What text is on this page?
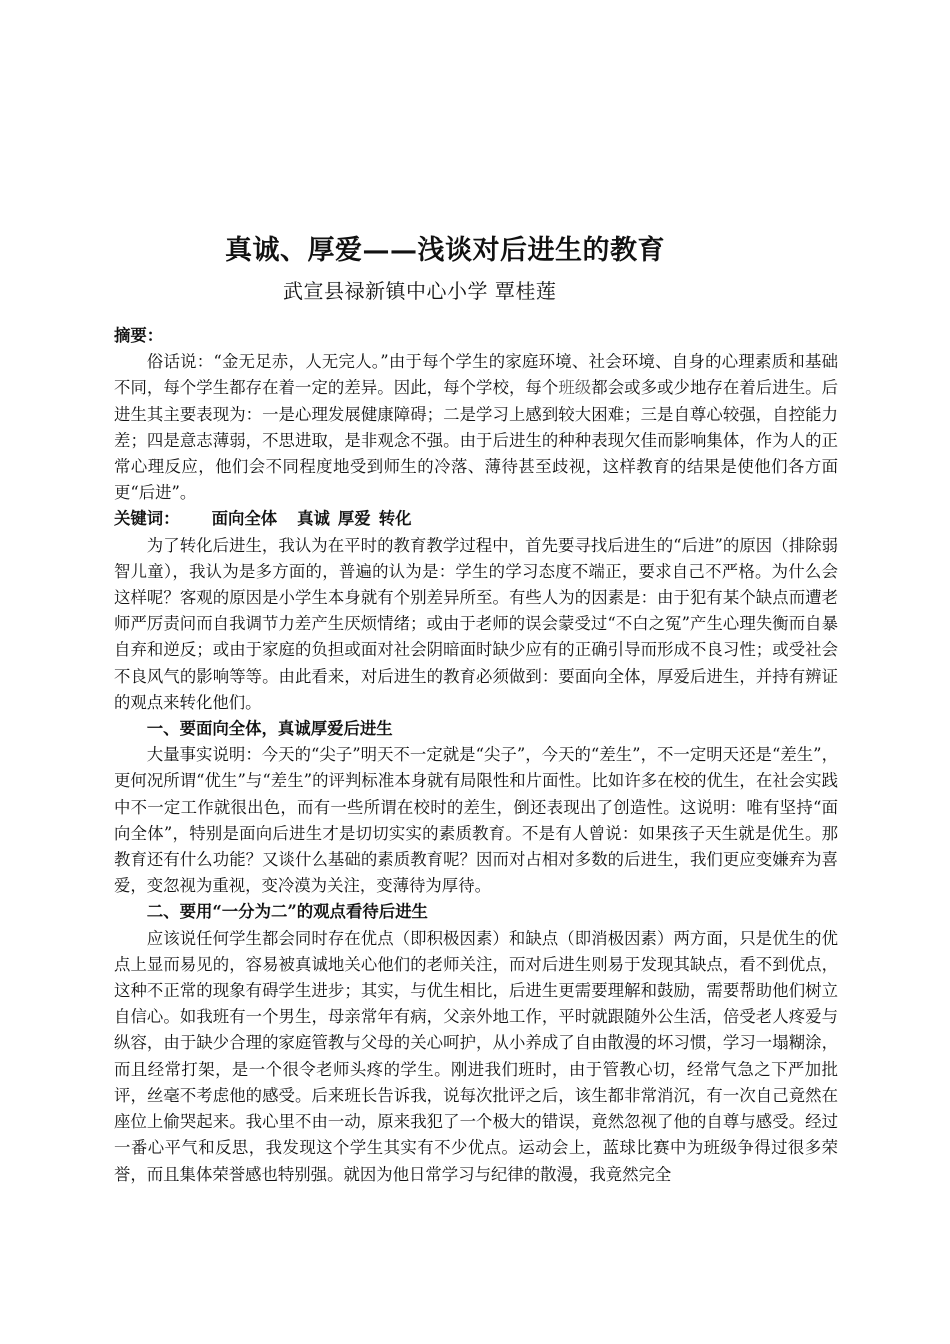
真诚、厚爱——浅谈对后进生的教育
武宣县禄新镇中心小学 覃桂莲

摘要：

俗话说：“金无足赤，人无完人。”由于每个学生的家庭环境、社会环境、自身的心理素质和基础不同，每个学生都存在着一定的差异。因此，每个学校，每个班级都会或多或少地存在着后进生。后进生其主要表现为：一是心理发展健康障碍；二是学习上感到较大困难；三是自尊心较强，自控能力差；四是意志薄弱，不思进取，是非观念不强。由于后进生的种种表现欠佳而影响集体，作为人的正常心理反应，他们会不同程度地受到师生的冷落、薄待甚至歧视，这样教育的结果是使他们各方面更“后进”。

关键词： 面向全体 真诚 厚爱 转化

为了转化后进生，我认为在平时的教育教学过程中，首先要寻找后进生的“后进”的原因（排除弱智儿童），我认为是多方面的，普遍的认为是：学生的学习态度不端正，要求自己不严格。为什么会这样呢？客观的原因是小学生本身就有个别差异所至。有些人为的因素是：由于犯有某个缺点而遭老师严厉责问而自我调节力差产生厌烦情绪；或由于老师的误会蒙受过“不白之冤”产生心理失衡而自暴自弃和逆反；或由于家庭的负担或面对社会阴暗面时缺少应有的正确引导而形成不良习性；或受社会不良风气的影响等等。由此看来，对后进生的教育必须做到：要面向全体，厚爱后进生，并持有辨证的观点来转化他们。

一、要面向全体，真诚厚爱后进生

大量事实说明：今天的“尖子”明天不一定就是“尖子”，今天的“差生”，不一定明天还是“差生”，更何况所谓“优生”与“差生”的评判标准本身就有局限性和片面性。比如许多在校的优生，在社会实践中不一定工作就很出色，而有一些所谓在校时的差生，倒还表现出了创造性。这说明：唯有坚持“面向全体”，特别是面向后进生才是切切实实的素质教育。不是有人曾说：如果孩子天生就是优生。那教育还有什么功能？又谈什么基础的素质教育呢？因而对占相对多数的后进生，我们更应变嫌弃为喜爱，变忽视为重视，变冷漠为关注，变薄待为厚待。

二、要用“一分为二”的观点看待后进生

应该说任何学生都会同时存在优点（即积极因素）和缺点（即消极因素）两方面，只是优生的优点上显而易见的，容易被真诚地关心他们的老师关注，而对后进生则易于发现其缺点，看不到优点，这种不正常的现象有碍学生进步；其实，与优生相比，后进生更需要理解和鼓励，需要帮助他们树立自信心。如我班有一个男生，母亲常年有病，父亲外地工作，平时就跟随外公生活，倍受老人疼爱与纵容，由于缺少合理的家庭管教与父母的关心呵护，从小养成了自由散漫的坏习惯，学习一塌糊涂，而且经常打架，是一个很令老师头疼的学生。刚进我们班时，由于管教心切，经常气急之下严加批评，丝毫不考虑他的感受。后来班长告诉我，说每次批评之后，该生都非常消沉，有一次自己竟然在座位上偷哭起来。我心里不由一动，原来我犯了一个极大的错误，竟然忽视了他的自尊与感受。经过一番心平气和反思，我发现这个学生其实有不少优点。运动会上，蓝球比赛中为班级争得过很多荣誉，而且集体荣誉感也特别强。就因为他日常学习与纪律的散漫，我竟然完全
